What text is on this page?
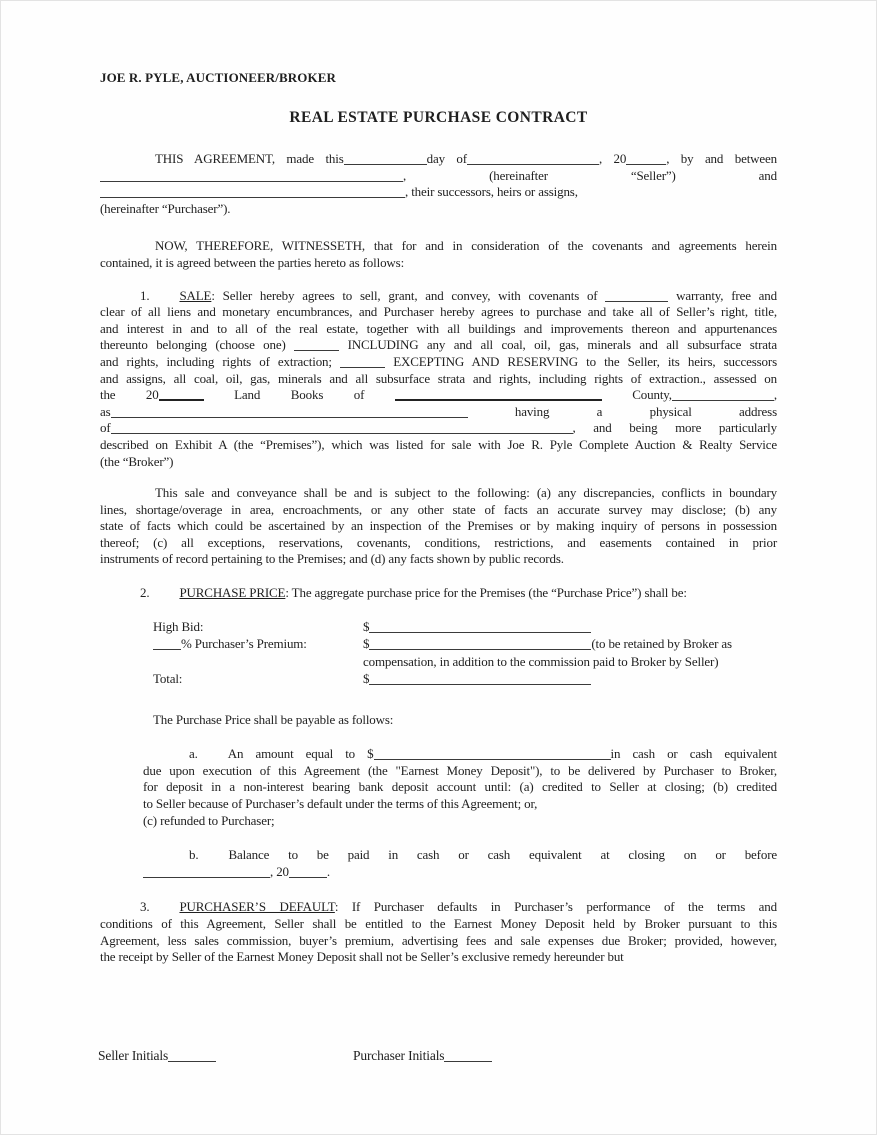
JOE R. PYLE, AUCTIONEER/BROKER
REAL ESTATE PURCHASE CONTRACT
THIS AGREEMENT, made this	day of	, 20	, by and between
, (hereinafter “Seller”) and
, their successors, heirs or assigns,
(hereinafter “Purchaser”).
NOW, THEREFORE, WITNESSETH, that for and in consideration of the covenants and agreements herein
contained, it is agreed between the parties hereto as follows:
1. SALE: Seller hereby agrees to sell, grant, and convey, with covenants of	warranty, free and
clear of all liens and monetary encumbrances, and Purchaser hereby agrees to purchase and take all of Seller’s right, title,
and interest in and to all of the real estate, together with all buildings and improvements thereon and appurtenances
thereunto belonging (choose one)	INCLUDING any and all coal, oil, gas, minerals and all subsurface strata
and rights, including rights of extraction;	EXCEPTING AND RESERVING to the Seller, its heirs, successors
and assigns, all coal, oil, gas, minerals and all subsurface strata and rights, including rights of extraction., assessed on
the 20	Land Books of	County,	,
as	having a physical address
of	, and being more particularly
described on Exhibit A (the “Premises”), which was listed for sale with Joe R. Pyle Complete Auction & Realty Service
(the “Broker”)
This sale and conveyance shall be and is subject to the following: (a) any discrepancies, conflicts in boundary
lines, shortage/overage in area, encroachments, or any other state of facts an accurate survey may disclose; (b) any
state of facts which could be ascertained by an inspection of the Premises or by making inquiry of persons in possession
thereof; (c) all exceptions, reservations, covenants, conditions, restrictions, and easements contained in prior
instruments of record pertaining to the Premises; and (d) any facts shown by public records.
2. PURCHASE PRICE: The aggregate purchase price for the Premises (the “Purchase Price”) shall be:
High Bid:	$
% Purchaser’s Premium:	$	(to be retained by Broker as
compensation, in addition to the commission paid to Broker by Seller)
Total:	$
The Purchase Price shall be payable as follows:
a. An amount equal to $	in cash or cash equivalent
due upon execution of this Agreement (the "Earnest Money Deposit"), to be delivered by Purchaser to Broker,
for deposit in a non-interest bearing bank deposit account until: (a) credited to Seller at closing; (b) credited
to Seller because of Purchaser’s default under the terms of this Agreement; or,
(c) refunded to Purchaser;
b. Balance to be paid in cash or cash equivalent at closing on or before
, 20	.
3. PURCHASER’S DEFAULT: If Purchaser defaults in Purchaser’s performance of the terms and
conditions of this Agreement, Seller shall be entitled to the Earnest Money Deposit held by Broker pursuant to this
Agreement, less sales commission, buyer’s premium, advertising fees and sale expenses due Broker; provided, however,
the receipt by Seller of the Earnest Money Deposit shall not be Seller’s exclusive remedy hereunder but
Seller Initials	Purchaser Initials
